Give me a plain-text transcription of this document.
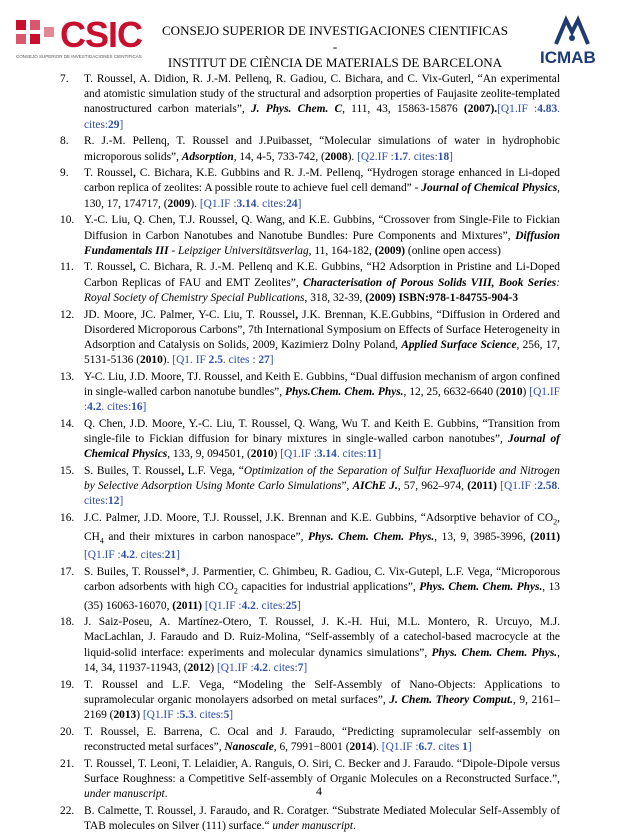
CSIC
CONSEJO SUPERIOR DE INVESTIGACIONES CIENTÍFICAS
CONSEJO SUPERIOR DE INVESTIGACIONES CIENTIFICAS -
INSTITUT DE CIÈNCIA DE MATERIALS DE BARCELONA	ICMAB
7. T. Roussel, A. Didion, R. J.-M. Pellenq, R. Gadiou, C. Bichara, and C. Vix-Guterl, “An experimental and atomistic simulation study of the structural and adsorption properties of Faujasite zeolite-templated nanostructured carbon materials”, J. Phys. Chem. C, 111, 43, 15863-15876 (2007).[Q1.IF :4.83. cites:29]
8. R. J.-M. Pellenq, T. Roussel and J.Puibasset, “Molecular simulations of water in hydrophobic microporous solids”, Adsorption, 14, 4-5, 733-742, (2008). [Q2.IF :1.7. cites:18]
9. T. Roussel, C. Bichara, K.E. Gubbins and R. J.-M. Pellenq, “Hydrogen storage enhanced in Li-doped carbon replica of zeolites: A possible route to achieve fuel cell demand” - Journal of Chemical Physics, 130, 17, 174717, (2009). [Q1.IF :3.14. cites:24]
10. Y.-C. Liu, Q. Chen, T.J. Roussel, Q. Wang, and K.E. Gubbins, “Crossover from Single-File to Fickian Diffusion in Carbon Nanotubes and Nanotube Bundles: Pure Components and Mixtures”, Diffusion Fundamentals III - Leipziger Universitätsverlag, 11, 164-182, (2009) (online open access)
11. T. Roussel, C. Bichara, R. J.-M. Pellenq and K.E. Gubbins, “H2 Adsorption in Pristine and Li-Doped Carbon Replicas of FAU and EMT Zeolites”, Characterisation of Porous Solids VIII, Book Series: Royal Society of Chemistry Special Publications, 318, 32-39, (2009) ISBN:978-1-84755-904-3
12. JD. Moore, JC. Palmer, Y-C. Liu, T. Roussel, J.K. Brennan, K.E.Gubbins, “Diffusion in Ordered and Disordered Microporous Carbons”, 7th International Symposium on Effects of Surface Heterogeneity in Adsorption and Catalysis on Solids, 2009, Kazimierz Dolny Poland, Applied Surface Science, 256, 17, 5131-5136 (2010). [Q1. IF 2.5. cites : 27]
13. Y-C. Liu, J.D. Moore, TJ. Roussel, and Keith E. Gubbins, “Dual diffusion mechanism of argon confined in single-walled carbon nanotube bundles”, Phys.Chem. Chem. Phys., 12, 25, 6632-6640 (2010) [Q1.IF :4.2. cites:16]
14. Q. Chen, J.D. Moore, Y.-C. Liu, T. Roussel, Q. Wang, Wu T. and Keith E. Gubbins, “Transition from single-file to Fickian diffusion for binary mixtures in single-walled carbon nanotubes”, Journal of Chemical Physics, 133, 9, 094501, (2010) [Q1.IF :3.14. cites:11]
15. S. Builes, T. Roussel, L.F. Vega, “Optimization of the Separation of Sulfur Hexafluoride and Nitrogen by Selective Adsorption Using Monte Carlo Simulations”, AIChE J., 57, 962–974, (2011) [Q1.IF :2.58. cites:12]
16. J.C. Palmer, J.D. Moore, T.J. Roussel, J.K. Brennan and K.E. Gubbins, “Adsorptive behavior of $CO_2$, $CH_4$ and their mixtures in carbon nanospace”, Phys. Chem. Chem. Phys., 13, 9, 3985-3996, (2011) [Q1.IF :4.2. cites:21]
17. S. Builes, T. Roussel*, J. Parmentier, C. Ghimbeu, R. Gadiou, C. Vix-Gutерl, L.F. Vega, “Microporous carbon adsorbents with high $CO_2$ capacities for industrial applications”, Phys. Chem. Chem. Phys., 13 (35) 16063-16070, (2011) [Q1.IF :4.2. cites:25]
18. J. Saiz-Poseu, A. Martínez-Otero, T. Roussel, J. K.-H. Hui, M.L. Montero, R. Urcuyo, M.J. MacLachlan, J. Faraudo and D. Ruiz-Molina, “Self-assembly of a catechol-based macrocycle at the liquid-solid interface: experiments and molecular dynamics simulations”, Phys. Chem. Chem. Phys., 14, 34, 11937-11943, (2012) [Q1.IF :4.2. cites:7]
19. T. Roussel and L.F. Vega, “Modeling the Self-Assembly of Nano-Objects: Applications to supramolecular organic monolayers adsorbed on metal surfaces”, J. Chem. Theory Comput., 9, 2161–2169 (2013) [Q1.IF :5.3. cites:5]
20. T. Roussel, E. Barrena, C. Ocal and J. Faraudo, “Predicting supramolecular self-assembly on reconstructed metal surfaces”, Nanoscale, 6, 7991−8001 (2014). [Q1.IF :6.7. cites 1]
21. T. Roussel, T. Leoni, T. Lelaidier, A. Ranguis, O. Siri, C. Becker and J. Faraudo. “Dipole-Dipole versus Surface Roughness: a Competitive Self-assembly of Organic Molecules on a Reconstructed Surface.”, under manuscript.
22. B. Calmette, T. Roussel, J. Faraudo, and R. Coratger. “Substrate Mediated Molecular Self-Assembly of TAB molecules on Silver (111) surface.“ under manuscript.
4
